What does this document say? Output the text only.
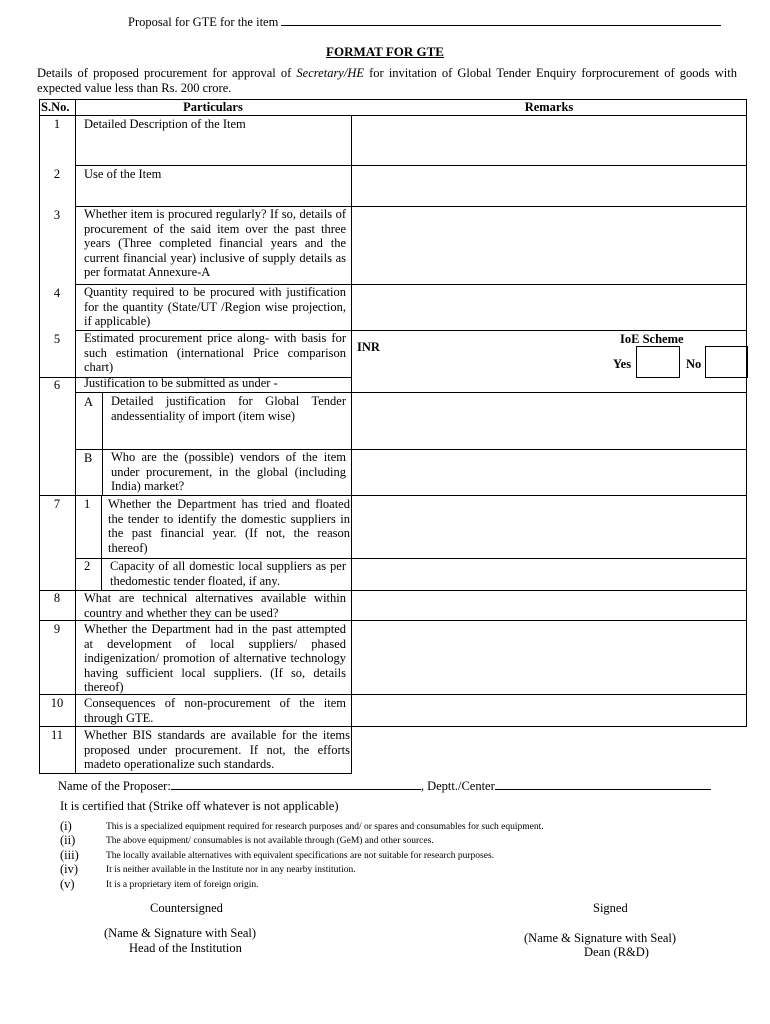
Proposal for GTE for the item
FORMAT FOR GTE
Details of proposed procurement for approval of Secretary/HE for invitation of Global Tender Enquiry forprocurement of goods with expected value less than Rs. 200 crore.
S.No.	Particulars	Remarks
1	Detailed Description of the Item
2	Use of the Item
3	Whether item is procured regularly? If so, details of procurement of the said item over the past three years (Three completed financial years and the current financial year) inclusive of supply details as per formatat Annexure-A
4	Quantity required to be procured with justification for the quantity (State/UT /Region wise projection, if applicable)
5	Estimated procurement price along- with basis for such estimation (international Price comparison chart)
INR
IoE Scheme
Yes	No
6	Justification to be submitted as under -
A Detailed justification for Global Tender andessentiality of import (item wise)
B Who are the (possible) vendors of the item under procurement, in the global (including India) market?
7	1 Whether the Department has tried and floated the tender to identify the domestic suppliers in the past financial year. (If not, the reason thereof)
2 Capacity of all domestic local suppliers as per thedomestic tender floated, if any.
8	What are technical alternatives available within country and whether they can be used?
9	Whether the Department had in the past attempted at development of local suppliers/ phased indigenization/ promotion of alternative technology having sufficient local suppliers. (If so, details thereof)
10	Consequences of non-procurement of the item through GTE.
11	Whether BIS standards are available for the items proposed under procurement. If not, the efforts madeto operationalize such standards.
Name of the Proposer:	, Deptt./Center
It is certified that (Strike off whatever is not applicable)
(i)	This is a specialized equipment required for research purposes and/ or spares and consumables for such equipment.
(ii)	The above equipment/ consumables is not available through (GeM) and other sources.
(iii)	The locally available alternatives with equivalent specifications are not suitable for research purposes.
(iv)	It is neither available in the Institute nor in any nearby institution.
(v)	It is a proprietary item of foreign origin.
Countersigned	Signed
(Name & Signature with Seal)
Head of the Institution
(Name & Signature with Seal)
Dean (R&D)
